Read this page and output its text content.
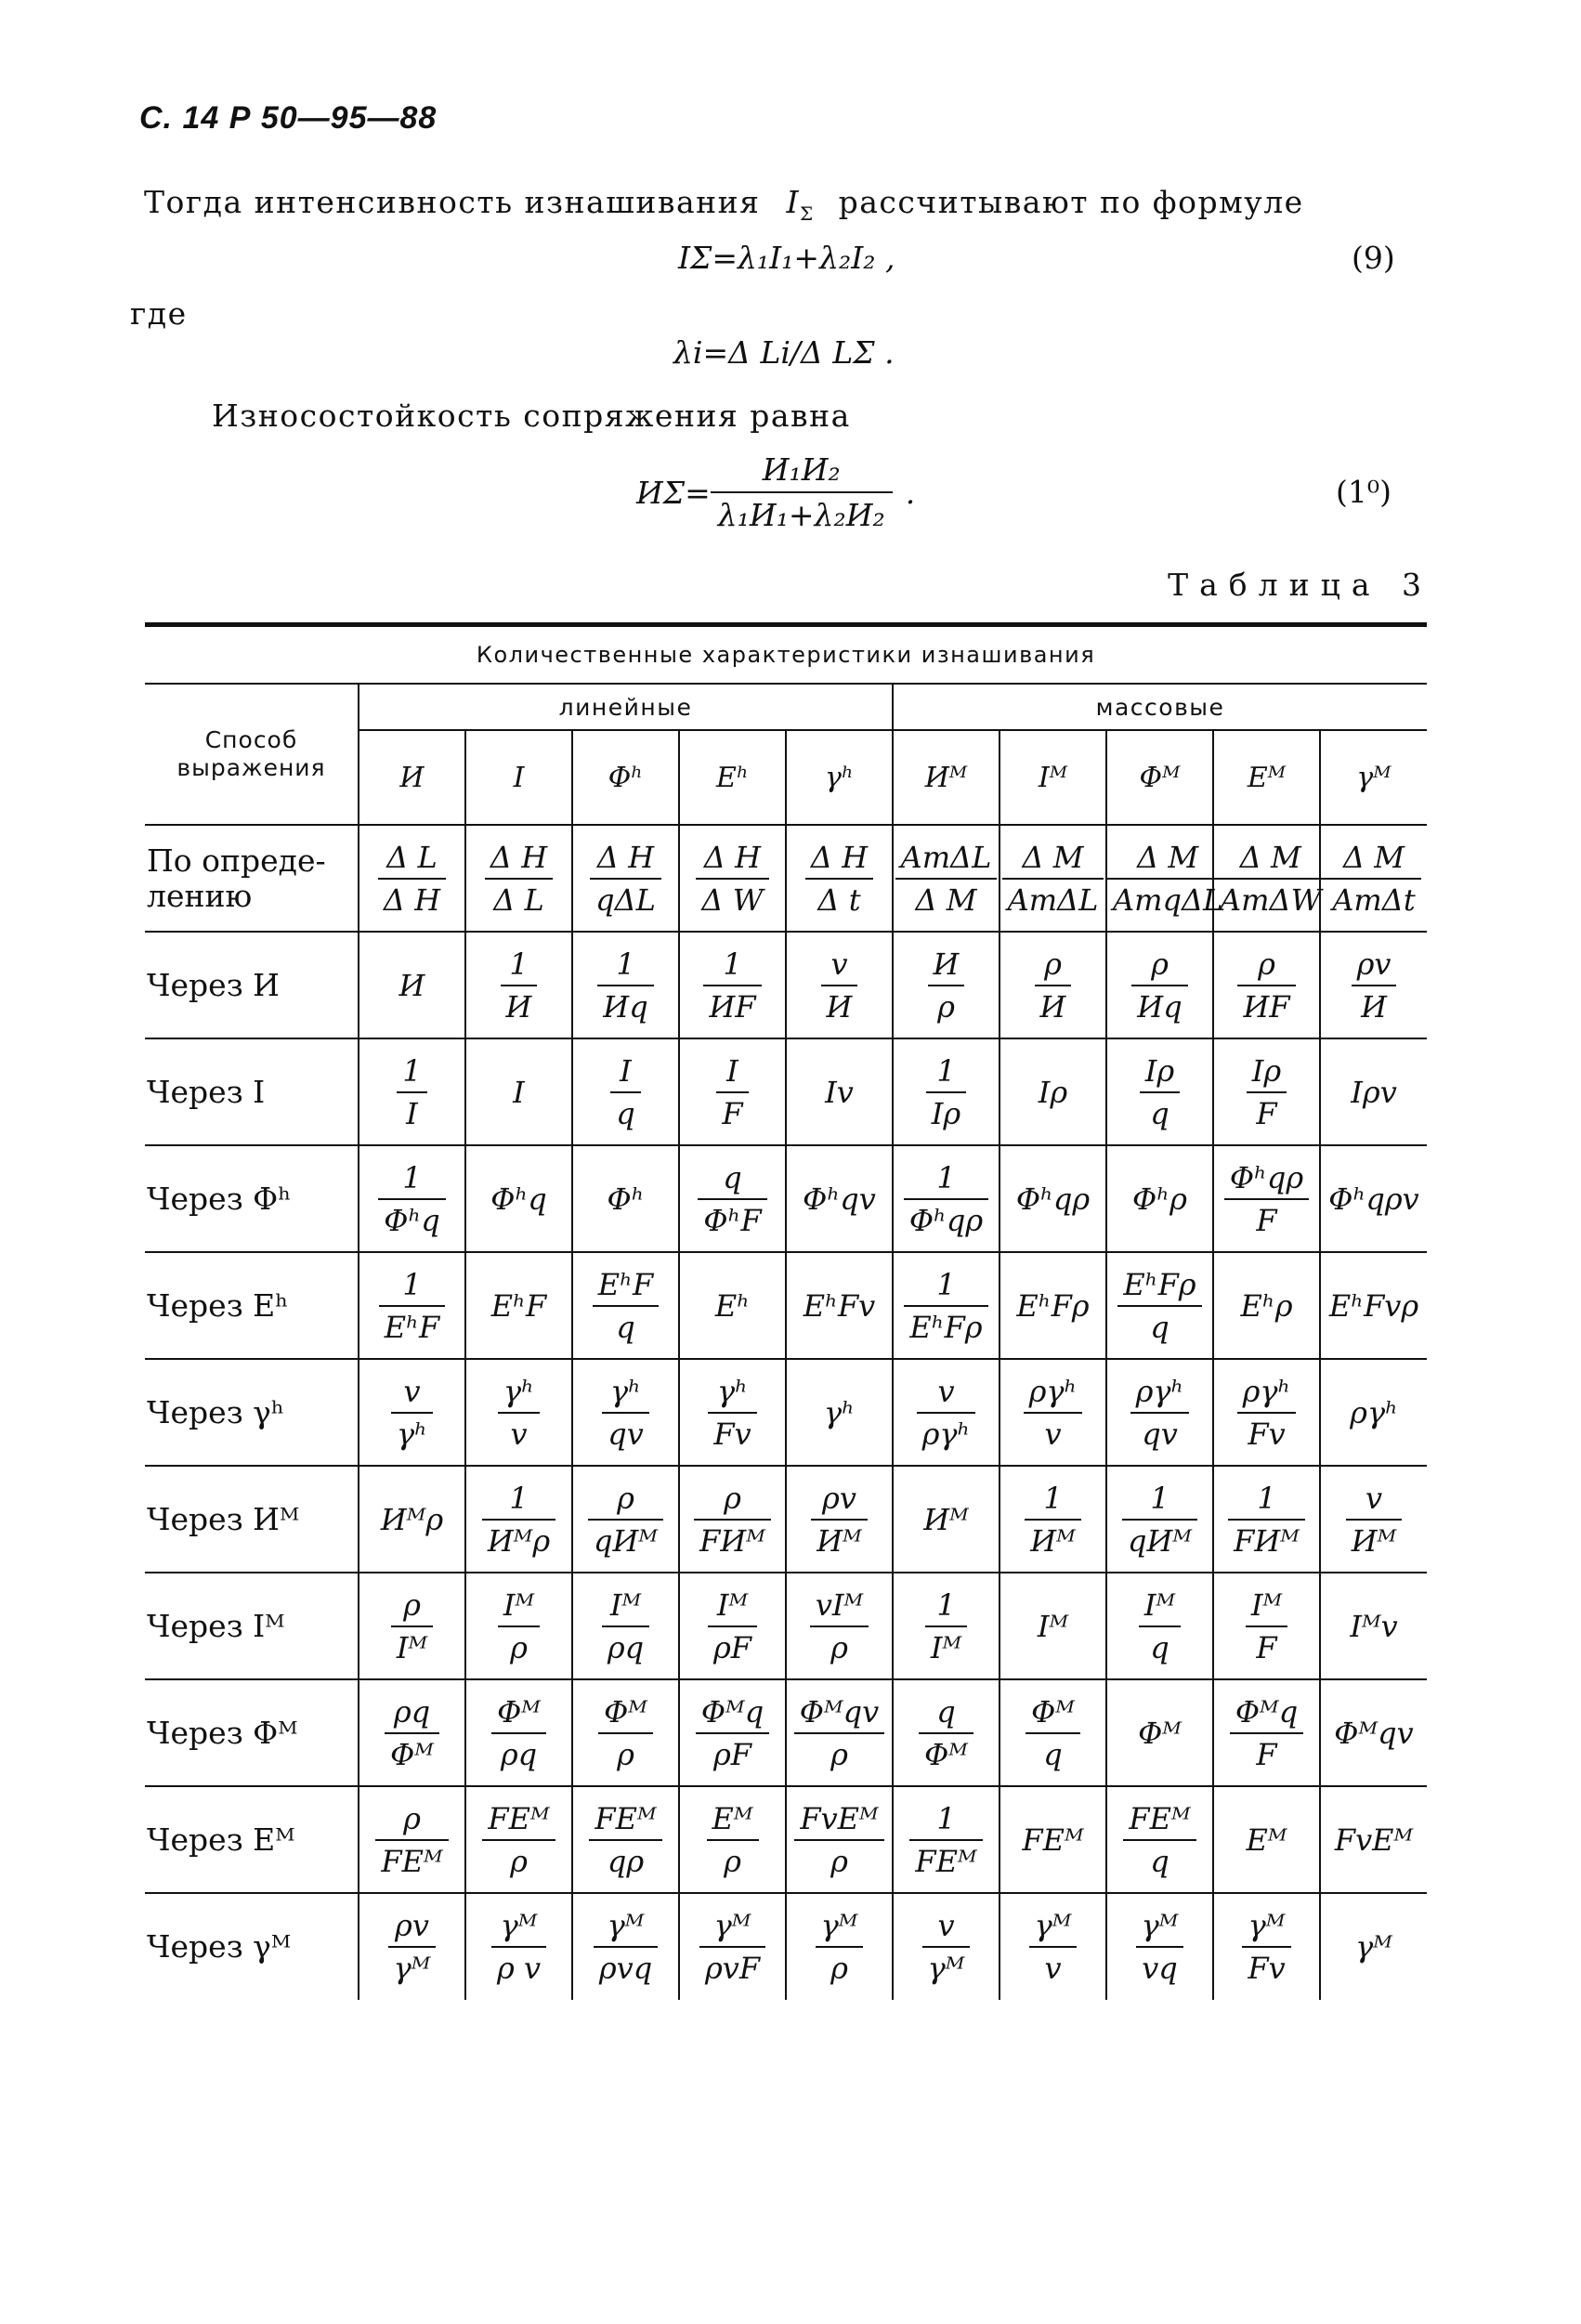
С. 14 Р 50—95—88
Тогда интенсивность изнашивания $I_\Sigma$ рассчитывают по формуле
IΣ=λ₁I₁+λ₂I₂ ,	(9)
где
λi=Δ Li/Δ LΣ .
Износостойкость сопряжения равна
ИΣ=
И₁И₂
λ₁И₁+λ₂И₂
.	(1⁰)
Таблица 3
Количественные характеристики изнашивания										
Способ
выражения	линейные					массовые				
	И	I	Φʰ	Eʰ	γʰ	Иᴹ	Iᴹ	Φᴹ	Eᴹ	γᴹ
По опреде-
лению	$\frac{\text{Δ L}}{\text{Δ H}}$	$\frac{\text{Δ H}}{\text{Δ L}}$	$\frac{\text{Δ H}}{\text{qΔL}}$	$\frac{\text{Δ H}}{\text{Δ W}}$	$\frac{\text{Δ H}}{\text{Δ t}}$	$\frac{\text{AтΔL}}{\text{Δ M}}$	$\frac{\text{Δ M}}{\text{AтΔL}}$	$\frac{\text{Δ M}}{\text{AтqΔL}}$	$\frac{\text{Δ M}}{\text{AтΔW}}$	$\frac{\text{Δ M}}{\text{AтΔt}}$

Через И	И	$\frac{1}{И}$	$\frac{1}{Иq}$	$\frac{1}{ИF}$	$\frac{v}{И}$	$\frac{И}{\rho}$	$\frac{\rho}{И}$	$\frac{\rho}{Иq}$	$\frac{\rho}{ИF}$	$\frac{\rho v}{И}$

Через I	$\frac{1}{I}$	I	$\frac{I}{q}$	$\frac{I}{F}$	Iv	$\frac{1}{I\rho}$	Iρ	$\frac{I\rho}{q}$	$\frac{I\rho}{F}$	Iρv
Через Φʰ	$\frac{1}{\text{Φʰq}}$	Φʰq	Φʰ	$\frac{q}{\text{ΦʰF}}$	Φʰqv	$\frac{1}{\text{Φʰqρ}}$	Φʰqρ	Φʰρ	$\frac{\text{Φʰqρ}}{F}$	Φʰqρv
Через Eʰ	$\frac{1}{\text{EʰF}}$	EʰF	$\frac{\text{EʰF}}{q}$	Eʰ	EʰFv	$\frac{1}{\text{EʰFρ}}$	EʰFρ	$\frac{\text{EʰFρ}}{q}$	Eʰρ	EʰFvρ
Через γʰ	$\frac{v}{\text{γʰ}}$	$\frac{\text{γʰ}}{v}$	$\frac{\text{γʰ}}{qv}$	$\frac{\text{γʰ}}{Fv}$	γʰ	$\frac{v}{\text{ργʰ}}$	$\frac{\text{ργʰ}}{v}$	$\frac{\text{ργʰ}}{qv}$	$\frac{\text{ργʰ}}{Fv}$	ργʰ
Через Иᴹ	Иᴹρ	$\frac{1}{\text{Иᴹρ}}$	$\frac{\rho}{\text{qИᴹ}}$	$\frac{\rho}{\text{FИᴹ}}$	$\frac{\rho v}{\text{Иᴹ}}$	Иᴹ	$\frac{1}{\text{Иᴹ}}$	$\frac{1}{\text{qИᴹ}}$	$\frac{1}{\text{FИᴹ}}$	$\frac{v}{\text{Иᴹ}}$

Через Iᴹ	$\frac{\rho}{\text{Iᴹ}}$	$\frac{\text{Iᴹ}}{\rho}$	$\frac{\text{Iᴹ}}{\rho q}$	$\frac{\text{Iᴹ}}{\rho F}$	$\frac{\text{vIᴹ}}{\rho}$	$\frac{1}{\text{Iᴹ}}$	Iᴹ	$\frac{\text{Iᴹ}}{q}$	$\frac{\text{Iᴹ}}{F}$	Iᴹv
Через Φᴹ	$\frac{\rho q}{\text{Φᴹ}}$	$\frac{\text{Φᴹ}}{\rho q}$	$\frac{\text{Φᴹ}}{\rho}$	$\frac{\text{Φᴹq}}{\rho F}$	$\frac{\text{Φᴹqv}}{\rho}$	$\frac{q}{\text{Φᴹ}}$	$\frac{\text{Φᴹ}}{q}$	Φᴹ	$\frac{\text{Φᴹq}}{F}$	Φᴹqv
Через Eᴹ	$\frac{\rho}{\text{FEᴹ}}$	$\frac{\text{FEᴹ}}{\rho}$	$\frac{\text{FEᴹ}}{q\rho}$	$\frac{\text{Eᴹ}}{\rho}$	$\frac{\text{FvEᴹ}}{\rho}$	$\frac{1}{\text{FEᴹ}}$	FEᴹ	$\frac{\text{FEᴹ}}{q}$	Eᴹ	FvEᴹ
Через γᴹ	$\frac{\rho v}{\text{γᴹ}}$	$\frac{\text{γᴹ}}{\text{ρ v}}$	$\frac{\text{γᴹ}}{\text{ρvq}}$	$\frac{\text{γᴹ}}{\text{ρvF}}$	$\frac{\text{γᴹ}}{\rho}$	$\frac{v}{\text{γᴹ}}$	$\frac{\text{γᴹ}}{v}$	$\frac{\text{γᴹ}}{vq}$	$\frac{\text{γᴹ}}{Fv}$	γᴹ
